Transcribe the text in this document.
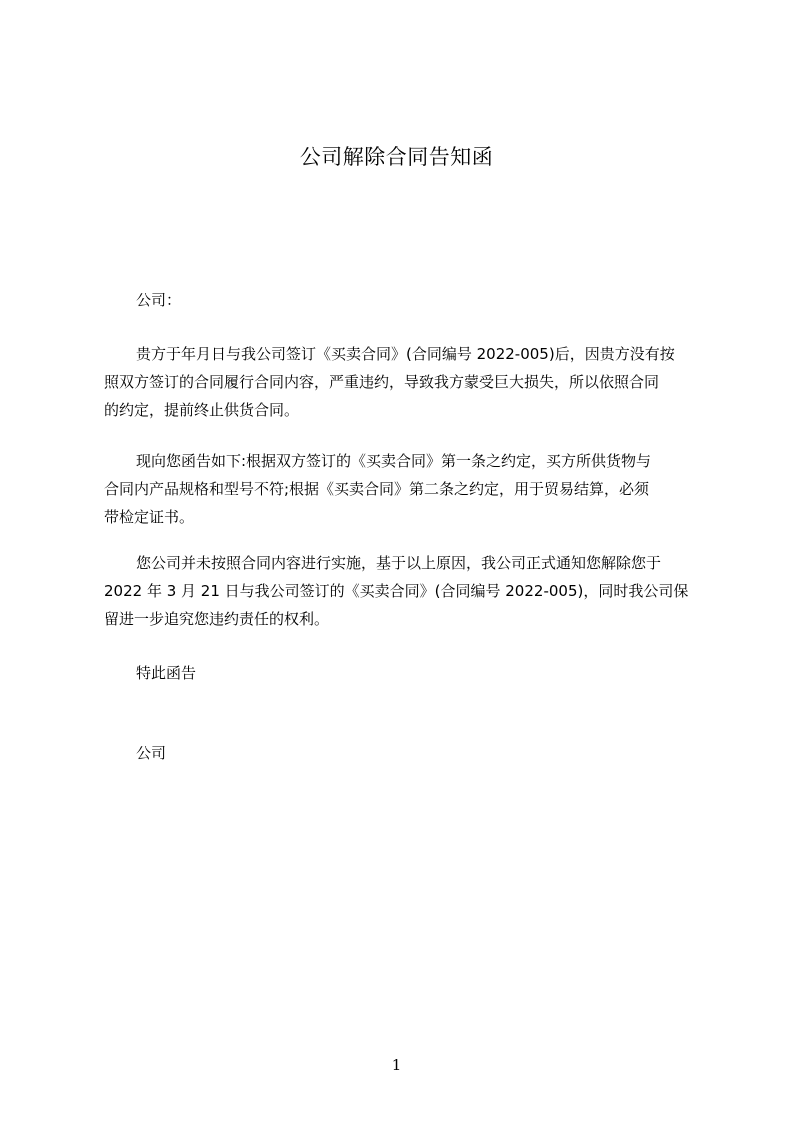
公司解除合同告知函
公司：
贵方于年月日与我公司签订《买卖合同》(合同编号 2022-005)后，因贵方没有按
照双方签订的合同履行合同内容，严重违约，导致我方蒙受巨大损失，所以依照合同
的约定，提前终止供货合同。
现向您函告如下:根据双方签订的《买卖合同》第一条之约定，买方所供货物与
合同内产品规格和型号不符;根据《买卖合同》第二条之约定，用于贸易结算，必须
带检定证书。
您公司并未按照合同内容进行实施，基于以上原因，我公司正式通知您解除您于
2022 年 3 月 21 日与我公司签订的《买卖合同》(合同编号 2022-005)，同时我公司保
留进一步追究您违约责任的权利。
特此函告
公司
1
